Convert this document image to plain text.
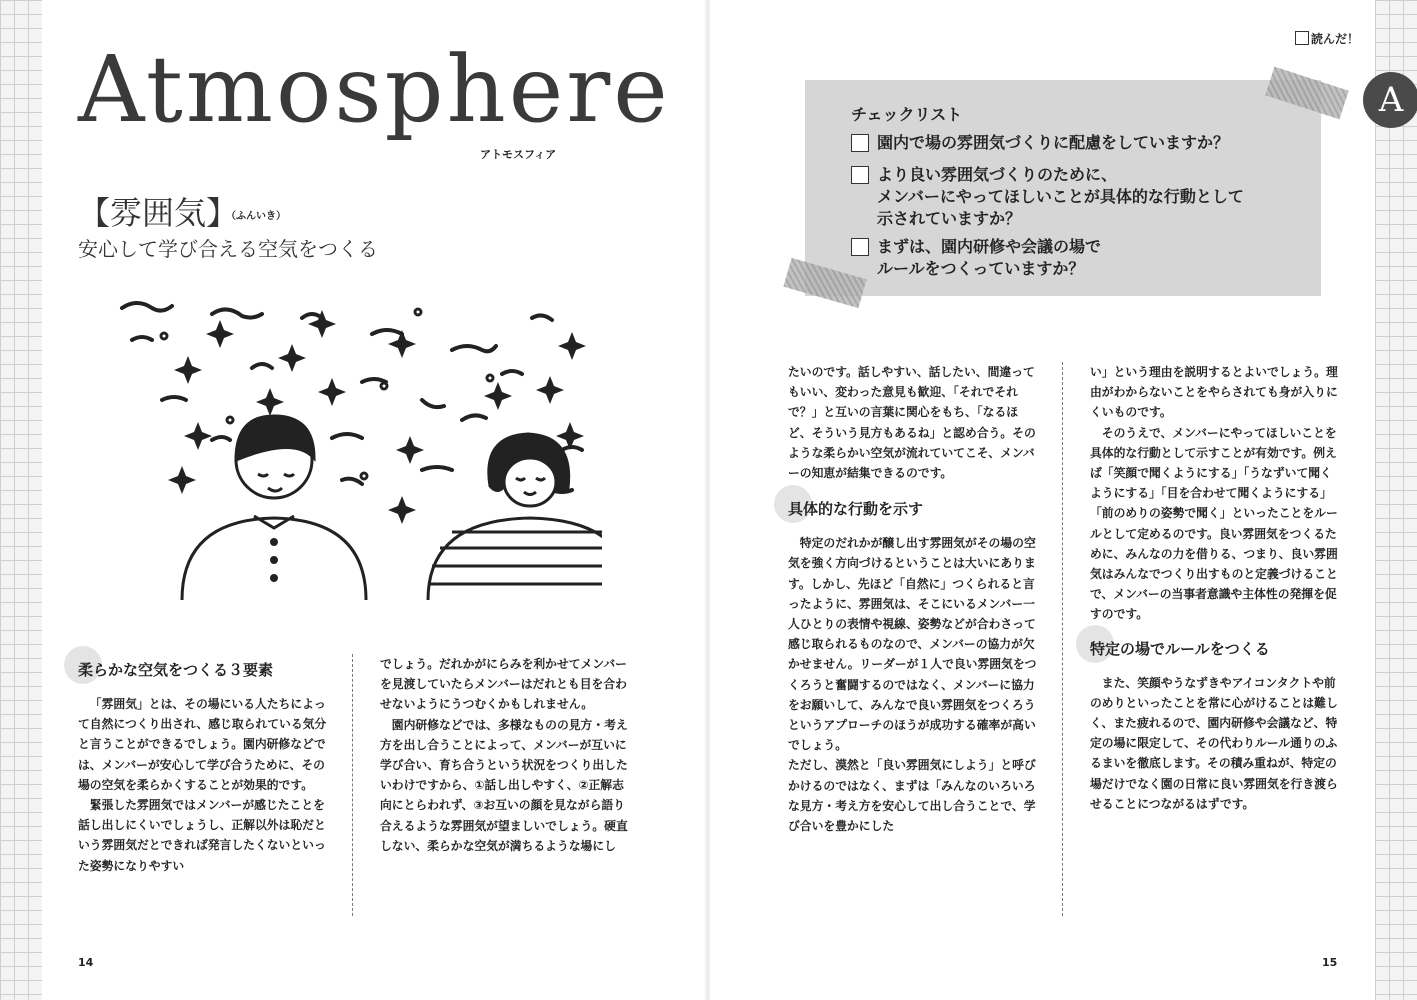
Atmosphere
アトモスフィア
【雰囲気】
（ふんいき）
安心して学び合える空気をつくる
柔らかな空気をつくる３要素

「雰囲気」とは、その場にいる人たちによって自然につくり出され、感じ取られている気分と言うことができるでしょう。園内研修などでは、メンバーが安心して学び合うために、その場の空気を柔らかくすることが効果的です。

緊張した雰囲気ではメンバーが感じたことを話し出しにくいでしょうし、正解以外は恥だという雰囲気だとできれば発言したくないといった姿勢になりやすい

でしょう。だれかがにらみを利かせてメンバーを見渡していたらメンバーはだれとも目を合わせないようにうつむくかもしれません。

園内研修などでは、多様なものの見方・考え方を出し合うことによって、メンバーが互いに学び合い、育ち合うという状況をつくり出したいわけですから、①話し出しやすく、②正解志向にとらわれず、③お互いの顔を見ながら語り合えるような雰囲気が望ましいでしょう。硬直しない、柔らかな空気が満ちるような場にし

14
読んだ！
A
チェックリスト
園内で場の雰囲気づくりに配慮をしていますか？
より良い雰囲気づくりのために、
メンバーにやってほしいことが具体的な行動として
示されていますか？
まずは、園内研修や会議の場で
ルールをつくっていますか？

たいのです。話しやすい、話したい、間違ってもいい、変わった意見も歓迎、「それでそれで？」と互いの言葉に関心をもち、「なるほど、そういう見方もあるね」と認め合う。そのような柔らかい空気が流れていてこそ、メンバーの知恵が結集できるのです。

具体的な行動を示す

特定のだれかが醸し出す雰囲気がその場の空気を強く方向づけるということは大いにあります。しかし、先ほど「自然に」つくられると言ったように、雰囲気は、そこにいるメンバー一人ひとりの表情や視線、姿勢などが合わさって感じ取られるものなので、メンバーの協力が欠かせません。リーダーが１人で良い雰囲気をつくろうと奮闘するのではなく、メンバーに協力をお願いして、みんなで良い雰囲気をつくろうというアプローチのほうが成功する確率が高いでしょう。

ただし、漠然と「良い雰囲気にしよう」と呼びかけるのではなく、まずは「みんなのいろいろな見方・考え方を安心して出し合うことで、学び合いを豊かにした

い」という理由を説明するとよいでしょう。理由がわからないことをやらされても身が入りにくいものです。

そのうえで、メンバーにやってほしいことを具体的な行動として示すことが有効です。例えば「笑顔で聞くようにする」「うなずいて聞くようにする」「目を合わせて聞くようにする」「前のめりの姿勢で聞く」といったことをルールとして定めるのです。良い雰囲気をつくるために、みんなの力を借りる、つまり、良い雰囲気はみんなでつくり出すものと定義づけることで、メンバーの当事者意識や主体性の発揮を促すのです。

特定の場でルールをつくる

また、笑顔やうなずきやアイコンタクトや前のめりといったことを常に心がけることは難しく、また疲れるので、園内研修や会議など、特定の場に限定して、その代わりルール通りのふるまいを徹底します。その積み重ねが、特定の場だけでなく園の日常に良い雰囲気を行き渡らせることにつながるはずです。

15
